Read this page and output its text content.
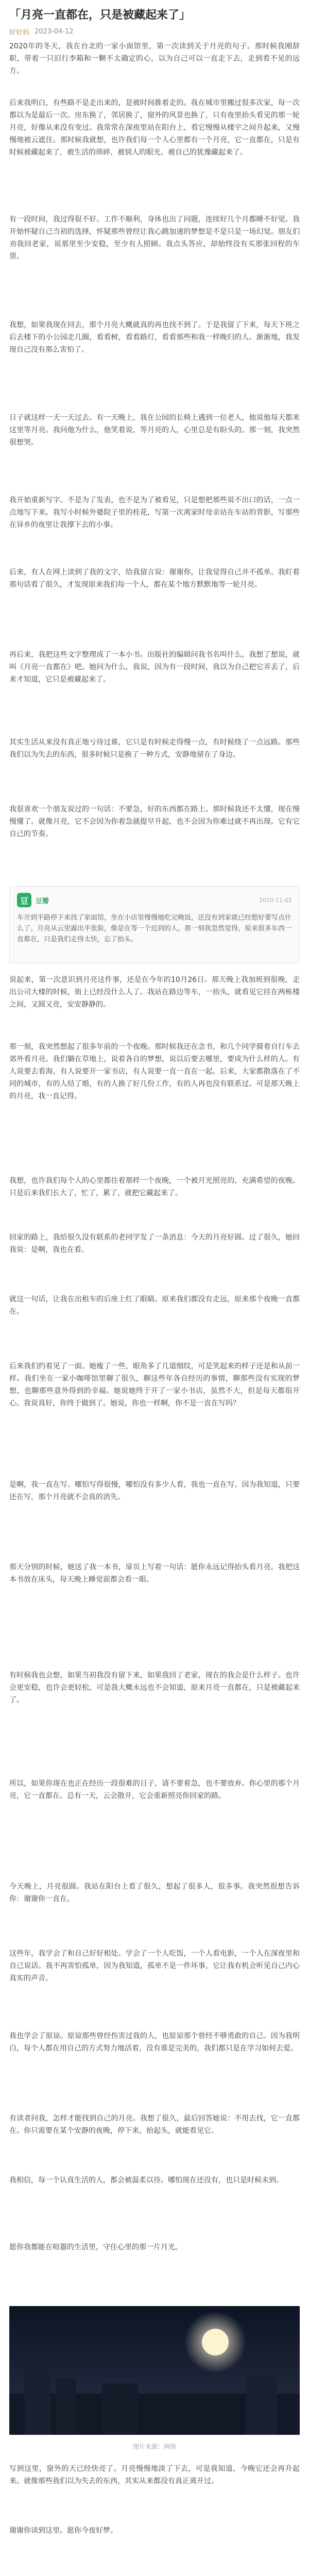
「月亮一直都在，只是被藏起来了」
好好妈 2023-04-12

2020年的冬天，我在台北的一家小面馆里，第一次读到关于月亮的句子。那时候我刚辞职，带着一只旧行李箱和一颗不太确定的心，以为自己可以一直走下去，走到看不见的远方。

后来我明白，有些路不是走出来的，是被时间推着走的。我在城市里搬过很多次家，每一次都以为是最后一次。房东换了，邻居换了，窗外的风景也换了，只有夜里抬头看见的那一轮月亮，好像从来没有变过。我常常在深夜里站在阳台上，看它慢慢从楼宇之间升起来，又慢慢地被云遮住。那时候我就想，也许我们每一个人心里都有一个月亮，它一直都在，只是有时候被藏起来了，被生活的琐碎、被别人的眼光、被自己的犹豫藏起来了。

有一段时间，我过得很不好。工作不顺利，身体也出了问题，连续好几个月都睡不好觉。我开始怀疑自己当初的选择，怀疑那些曾经让我心跳加速的梦想是不是只是一场幻觉。朋友们劝我回老家，说那里至少安稳，至少有人照顾。我点头答应，却始终没有买那张回程的车票。

我想，如果我现在回去，那个月亮大概就真的再也找不到了。于是我留了下来，每天下班之后去楼下的小公园走几圈，看看树，看看路灯，看看那些和我一样晚归的人。渐渐地，我发现自己没有那么害怕了。

日子就这样一天一天过去。有一天晚上，我在公园的长椅上遇到一位老人，他说他每天都来这里等月亮。我问他为什么，他笑着说，等月亮的人，心里总是有盼头的。那一刻，我突然很想哭。

我开始重新写字。不是为了发表，也不是为了被看见，只是想把那些说不出口的话，一点一点地写下来。我写小时候外婆院子里的桂花，写第一次离家时母亲站在车站的背影，写那些在异乡的夜里让我撑下去的小事。

后来，有人在网上读到了我的文字，给我留言说：谢谢你，让我觉得自己并不孤单。我盯着那句话看了很久，才发现原来我们每一个人，都在某个地方默默地等一轮月亮。

再后来，我把这些文字整理成了一本小书。出版社的编辑问我书名叫什么，我想了想说，就叫《月亮一直都在》吧。她问为什么，我说，因为有一段时间，我以为自己把它弄丢了，后来才知道，它只是被藏起来了。

其实生活从来没有真正地亏待过谁，它只是有时候走得慢一点，有时候绕了一点远路。那些我们以为失去的东西，很多时候只是换了一种方式，安静地留在了身边。

我很喜欢一个朋友说过的一句话：不要急，好的东西都在路上。那时候我还不太懂，现在慢慢懂了。就像月亮，它不会因为你着急就提早升起，也不会因为你难过就不再出现。它有它自己的节奏。

豆	豆瓣	2020-11-02

车开到半路停下来找了家面馆，坐在小店里慢慢地吃完晚饭，还没有到家就已经想好要写点什么了。月亮从云里露出半张脸，像是在等一个迟到的人。那一刻我忽然觉得，原来很多东西一直都在，只是我们走得太快，忘了抬头。

说起来，第一次意识到月亮这件事，还是在今年的10月26日。那天晚上我加班到很晚，走出公司大楼的时候，街上已经没什么人了。我站在路边等车，一抬头，就看见它挂在两栋楼之间，又圆又亮，安安静静的。

那一刻，我突然想起了很多年前的一个夜晚。那时候我还在念书，和几个同学骑着自行车去郊外看月亮。我们躺在草地上，说着各自的梦想，说以后要去哪里，要成为什么样的人。有人说要去看海，有人说要开一家书店，有人说要一直一直在一起。后来，大家都散落在了不同的城市，有的人结了婚，有的人换了好几份工作，有的人再也没有联系过。可是那天晚上的月亮，我一直记得。

我想，也许我们每个人的心里都住着那样一个夜晚，一个被月光照亮的、充满希望的夜晚。只是后来我们长大了，忙了，累了，就把它藏起来了。

回家的路上，我给很久没有联系的老同学发了一条消息：今天的月亮好圆。过了很久，她回我说：是啊，我也在看。

就这一句话，让我在出租车的后座上红了眼睛。原来我们都没有走远，原来那个夜晚一直都在。

后来我们约着见了一面。她瘦了一些，眼角多了几道细纹，可是笑起来的样子还是和从前一样。我们坐在一家小咖啡馆里聊了很久，聊这些年各自经历的事情，聊那些没有实现的梦想，也聊那些意外得到的幸福。她说她终于开了一家小书店，虽然不大，但是每天都很开心。我说真好，你终于做到了。她说，你也一样啊，你不是一直在写吗？

是啊，我一直在写。哪怕写得很慢，哪怕没有多少人看，我也一直在写。因为我知道，只要还在写，那个月亮就不会真的消失。

那天分别的时候，她送了我一本书，扉页上写着一句话：愿你永远记得抬头看月亮。我把这本书放在床头，每天晚上睡觉前都会看一眼。

有时候我也会想，如果当初我没有留下来，如果我回了老家，现在的我会是什么样子。也许会更安稳，也许会更轻松，可是我大概永远也不会知道，原来月亮一直都在，只是被藏起来了。

所以，如果你现在也正在经历一段很难的日子，请不要着急，也不要放弃。你心里的那个月亮，它一直都在。总有一天，云会散开，它会重新照亮你回家的路。

今天晚上，月亮很圆。我站在阳台上看了很久，想起了很多人，很多事。我突然很想告诉你：谢谢你一直在。

这些年，我学会了和自己好好相处。学会了一个人吃饭，一个人看电影，一个人在深夜里和自己说话。我不再害怕孤单，因为我知道，孤单不是一件坏事，它让我有机会听见自己内心真实的声音。

我也学会了原谅。原谅那些曾经伤害过我的人，也原谅那个曾经不够勇敢的自己。因为我明白，每个人都在用自己的方式努力地活着，没有谁是完美的，我们都只是在学习如何去爱。

有读者问我，怎样才能找到自己的月亮。我想了很久，最后回答她说：不用去找，它一直都在。你只需要在某个安静的夜晚，停下来，抬起头，就能看见它。

我相信，每一个认真生活的人，都会被温柔以待。哪怕现在还没有，也只是时候未到。

愿你我都能在喧嚣的生活里，守住心里的那一片月光。

图片来源：网络

写到这里，窗外的天已经快亮了。月亮慢慢地淡了下去，可是我知道，今晚它还会再升起来。就像那些我们以为失去的东西，其实从来都没有真正离开过。

谢谢你读到这里。愿你今夜好梦。
